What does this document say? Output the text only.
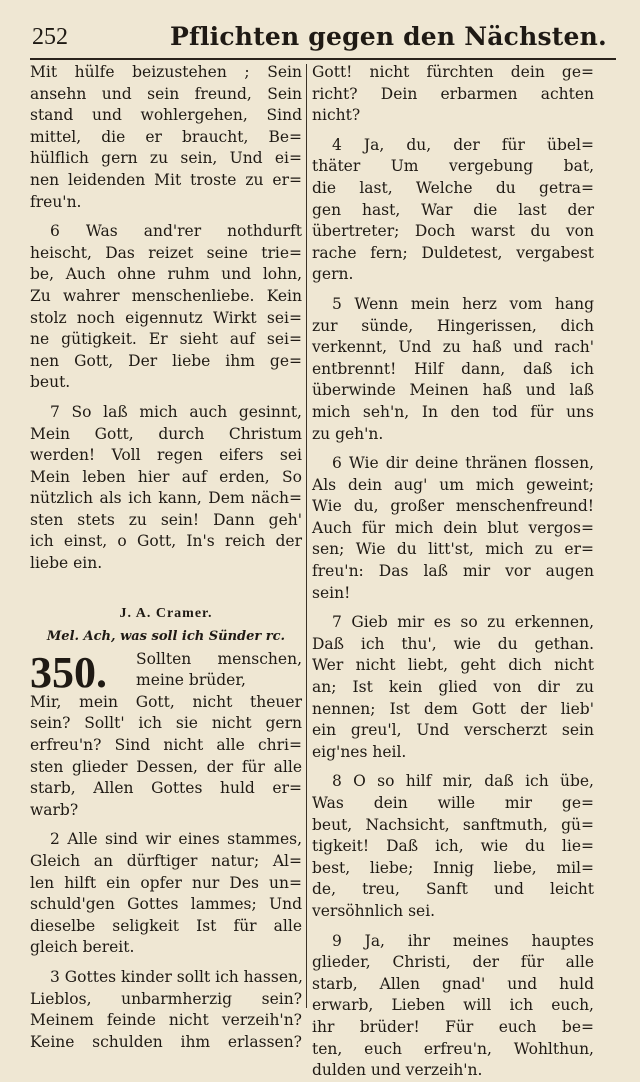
252	Pflichten gegen den Nächsten.
Mit hülfe beizustehen ; Sein
ansehn und sein freund, Sein
stand und wohlergehen, Sind
mittel, die er braucht, Be=
hülflich gern zu sein, Und ei=
nen leidenden Mit troste zu er=
freu'n.
6 Was and'rer nothdurft
heischt, Das reizet seine trie=
be, Auch ohne ruhm und lohn,
Zu wahrer menschenliebe. Kein
stolz noch eigennutz Wirkt sei=
ne gütigkeit. Er sieht auf sei=
nen Gott, Der liebe ihm ge=
beut.
7 So laß mich auch gesinnt,
Mein Gott, durch Christum
werden! Voll regen eifers sei
Mein leben hier auf erden, So
nützlich als ich kann, Dem näch=
sten stets zu sein! Dann geh'
ich einst, o Gott, In's reich der
liebe ein.
J. A. Cramer.
Mel. Ach, was soll ich Sünder rc.
350.	Sollten menschen,
meine brüder,
Mir, mein Gott, nicht theuer
sein? Sollt' ich sie nicht gern
erfreu'n? Sind nicht alle chri=
sten glieder Dessen, der für alle
starb, Allen Gottes huld er=
warb?
2 Alle sind wir eines stammes,
Gleich an dürftiger natur; Al=
len hilft ein opfer nur Des un=
schuld'gen Gottes lammes; Und
dieselbe seligkeit Ist für alle
gleich bereit.
3 Gottes kinder sollt ich hassen,
Lieblos, unbarmherzig sein?
Meinem feinde nicht verzeih'n?
Keine schulden ihm erlassen?
Gott! nicht fürchten dein ge=
richt? Dein erbarmen achten
nicht?
4 Ja, du, der für übel=
thäter Um vergebung bat,
die last, Welche du getra=
gen hast, War die last der
übertreter; Doch warst du von
rache fern; Duldetest, vergabest
gern.
5 Wenn mein herz vom hang
zur sünde, Hingerissen, dich
verkennt, Und zu haß und rach'
entbrennt! Hilf dann, daß ich
überwinde Meinen haß und laß
mich seh'n, In den tod für uns
zu geh'n.
6 Wie dir deine thränen flossen,
Als dein aug' um mich geweint;
Wie du, großer menschenfreund!
Auch für mich dein blut vergos=
sen; Wie du litt'st, mich zu er=
freu'n: Das laß mir vor augen
sein!
7 Gieb mir es so zu erkennen,
Daß ich thu', wie du gethan.
Wer nicht liebt, geht dich nicht
an; Ist kein glied von dir zu
nennen; Ist dem Gott der lieb'
ein greu'l, Und verscherzt sein
eig'nes heil.
8 O so hilf mir, daß ich übe,
Was dein wille mir ge=
beut, Nachsicht, sanftmuth, gü=
tigkeit! Daß ich, wie du lie=
best, liebe; Innig liebe, mil=
de, treu, Sanft und leicht
versöhnlich sei.
9 Ja, ihr meines hauptes
glieder, Christi, der für alle
starb, Allen gnad' und huld
erwarb, Lieben will ich euch,
ihr brüder! Für euch be=
ten, euch erfreu'n, Wohlthun,
dulden und verzeih'n.
